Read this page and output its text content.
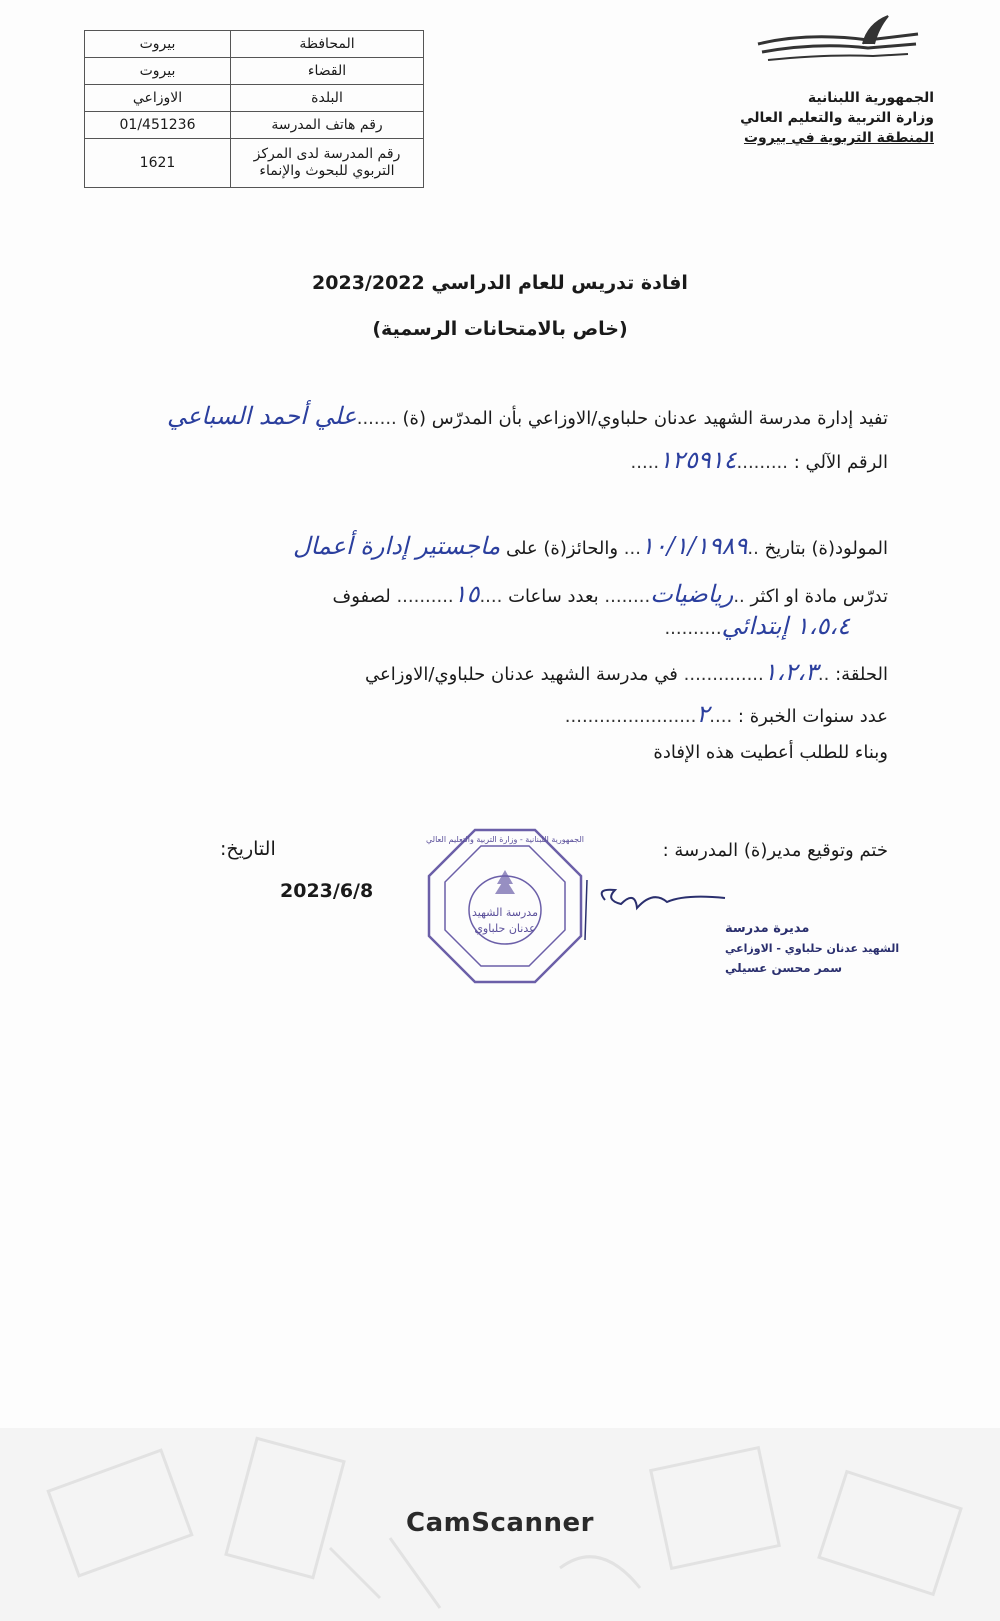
الجمهورية اللبنانية
وزارة التربية والتعليم العالي
المنطقة التربوية في بيروت
المحافظة	بيروت
القضاء	بيروت
البلدة	الاوزاعي
رقم هاتف المدرسة	01/451236
رقم المدرسة لدى المركز التربوي للبحوث والإنماء	1621
افادة تدريس للعام الدراسي 2023/2022
(خاص بالامتحانات الرسمية)
تفيد إدارة مدرسة الشهيد عدنان حلباوي/الاوزاعي بأن المدرّس (ة) .......علي أحمد السباعي
الرقم الآلي : .........١٢٥٩١٤.....
المولود(ة) بتاريخ ..١٠/١/١٩٨٩... والحائز(ة) على ماجستير إدارة أعمال
تدرّس مادة او اكثر ..رياضيات........ بعدد ساعات ....١٥.......... لصفوف
١،٥،٤ إبتدائي..........
الحلقة: ..١،٢،٣.............. في مدرسة الشهيد عدنان حلباوي/الاوزاعي
عدد سنوات الخبرة : ....٢.......................
وبناء للطلب أعطيت هذه الإفادة
ختم وتوقيع مدير(ة) المدرسة :
التاريخ:
2023/6/8
مدرسة الشهيد
عدنان حلباوي
الجمهورية اللبنانية - وزارة التربية والتعليم العالي
مديرة مدرسة
الشهيد عدنان حلباوي - الاوزاعي
سمر محسن عسيلي
CamScanner
